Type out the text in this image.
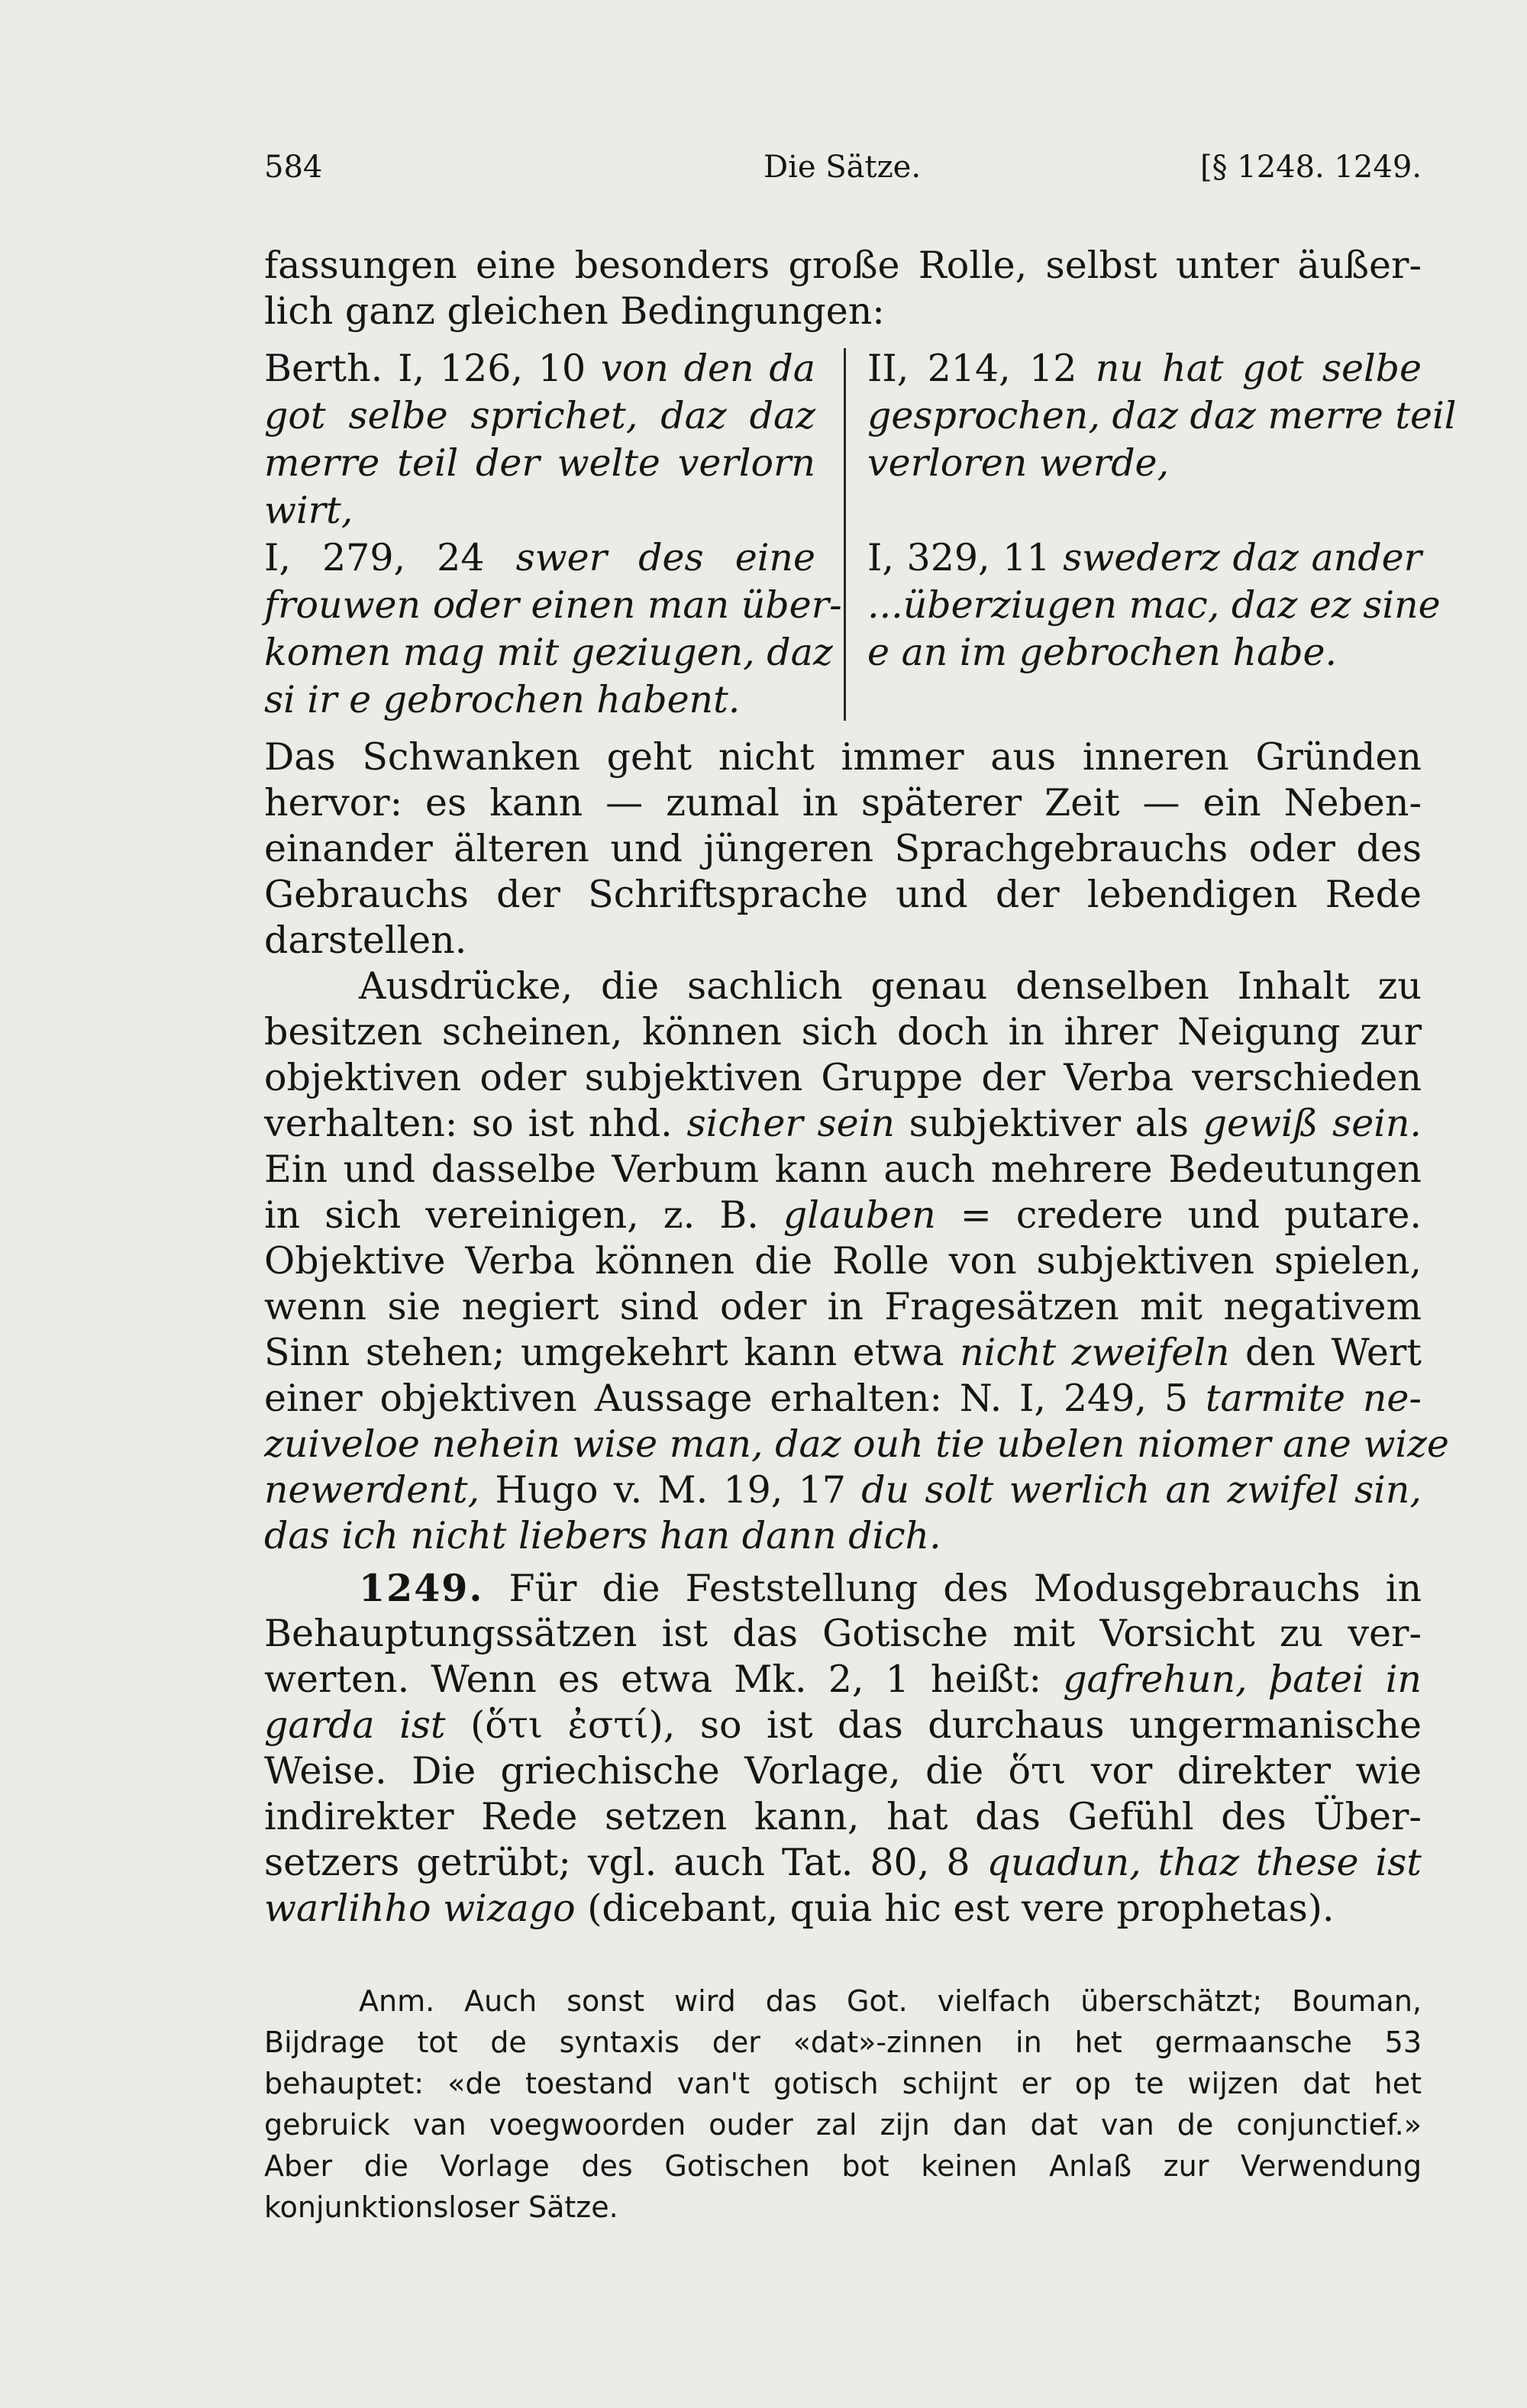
584	Die Sätze.	[§ 1248. 1249.
fassungen eine besonders große Rolle, selbst unter äußer-
lich ganz gleichen Bedingungen:
Berth. I, 126, 10 von den da
got selbe sprichet, daz daz
merre teil der welte verlorn
wirt,
I, 279, 24 swer des eine
frouwen oder einen man über-
komen mag mit geziugen, daz
si ir e gebrochen habent.
II, 214, 12 nu hat got selbe
gesprochen, daz daz merre teil
verloren werde,

I, 329, 11 swederz daz ander
...überziugen mac, daz ez sine
e an im gebrochen habe.

Das Schwanken geht nicht immer aus inneren Gründen
hervor: es kann — zumal in späterer Zeit — ein Neben-
einander älteren und jüngeren Sprachgebrauchs oder des
Gebrauchs der Schriftsprache und der lebendigen Rede
darstellen.
Ausdrücke, die sachlich genau denselben Inhalt zu
besitzen scheinen, können sich doch in ihrer Neigung zur
objektiven oder subjektiven Gruppe der Verba verschieden
verhalten: so ist nhd. sicher sein subjektiver als gewiß sein.
Ein und dasselbe Verbum kann auch mehrere Bedeutungen
in sich vereinigen, z. B. glauben = credere und putare.
Objektive Verba können die Rolle von subjektiven spielen,
wenn sie negiert sind oder in Fragesätzen mit negativem
Sinn stehen; umgekehrt kann etwa nicht zweifeln den Wert
einer objektiven Aussage erhalten: N. I, 249, 5 tarmite ne-
zuiveloe nehein wise man, daz ouh tie ubelen niomer ane wize
newerdent, Hugo v. M. 19, 17 du solt werlich an zwifel sin,
das ich nicht liebers han dann dich.
1249. Für die Feststellung des Modusgebrauchs in
Behauptungssätzen ist das Gotische mit Vorsicht zu ver-
werten. Wenn es etwa Mk. 2, 1 heißt: gafrehun, þatei in
garda ist (ὅτι ἐστί), so ist das durchaus ungermanische
Weise. Die griechische Vorlage, die ὅτι vor direkter wie
indirekter Rede setzen kann, hat das Gefühl des Über-
setzers getrübt; vgl. auch Tat. 80, 8 quadun, thaz these ist
warlihho wizago (dicebant, quia hic est vere prophetas).
Anm. Auch sonst wird das Got. vielfach überschätzt; Bouman,
Bijdrage tot de syntaxis der «dat»-zinnen in het germaansche 53
behauptet: «de toestand van't gotisch schijnt er op te wijzen dat het
gebruick van voegwoorden ouder zal zijn dan dat van de conjunctief.»
Aber die Vorlage des Gotischen bot keinen Anlaß zur Verwendung
konjunktionsloser Sätze.
